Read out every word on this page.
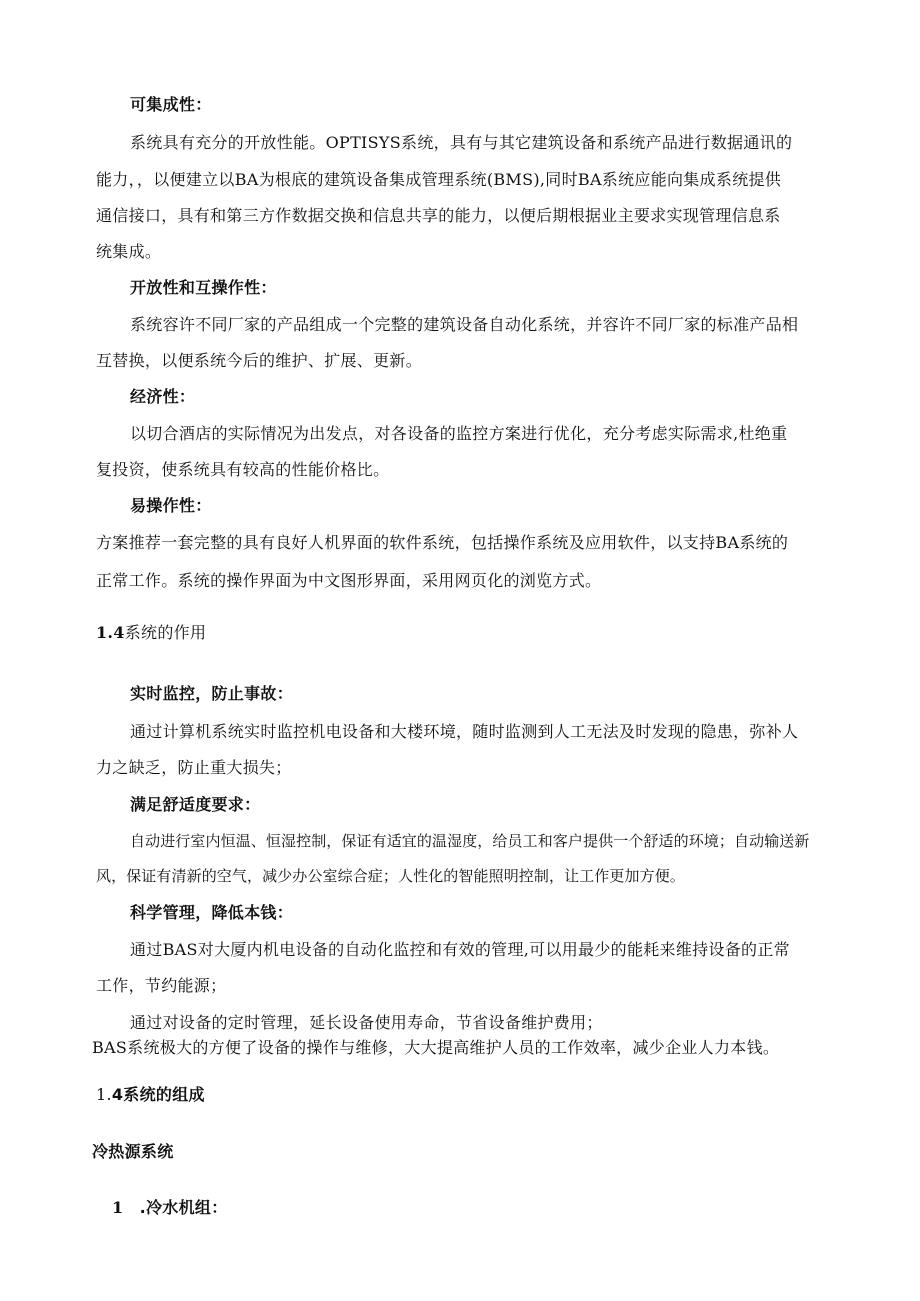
可集成性：
系统具有充分的开放性能。OPTISYS系统，具有与其它建筑设备和系统产品进行数据通讯的
能力，，以便建立以BA为根底的建筑设备集成管理系统(BMS),同时BA系统应能向集成系统提供
通信接口，具有和第三方作数据交换和信息共享的能力，以便后期根据业主要求实现管理信息系
统集成。
开放性和互操作性：
系统容许不同厂家的产品组成一个完整的建筑设备自动化系统，并容许不同厂家的标准产品相
互替换，以便系统今后的维护、扩展、更新。
经济性：
以切合酒店的实际情况为出发点，对各设备的监控方案进行优化，充分考虑实际需求,杜绝重
复投资，使系统具有较高的性能价格比。
易操作性：
方案推荐一套完整的具有良好人机界面的软件系统，包括操作系统及应用软件，以支持BA系统的
正常工作。系统的操作界面为中文图形界面，采用网页化的浏览方式。
1.4系统的作用
实时监控，防止事故：
通过计算机系统实时监控机电设备和大楼环境，随时监测到人工无法及时发现的隐患，弥补人
力之缺乏，防止重大损失；
满足舒适度要求：
自动进行室内恒温、恒湿控制，保证有适宜的温湿度，给员工和客户提供一个舒适的环境；自动输送新
风，保证有清新的空气，减少办公室综合症；人性化的智能照明控制，让工作更加方便。
科学管理，降低本钱：
通过BAS对大厦内机电设备的自动化监控和有效的管理,可以用最少的能耗来维持设备的正常
工作，节约能源；
通过对设备的定时管理，延长设备使用寿命，节省设备维护费用；
BAS系统极大的方便了设备的操作与维修，大大提高维护人员的工作效率，减少企业人力本钱。
1.4系统的组成
冷热源系统
1 .冷水机组：
